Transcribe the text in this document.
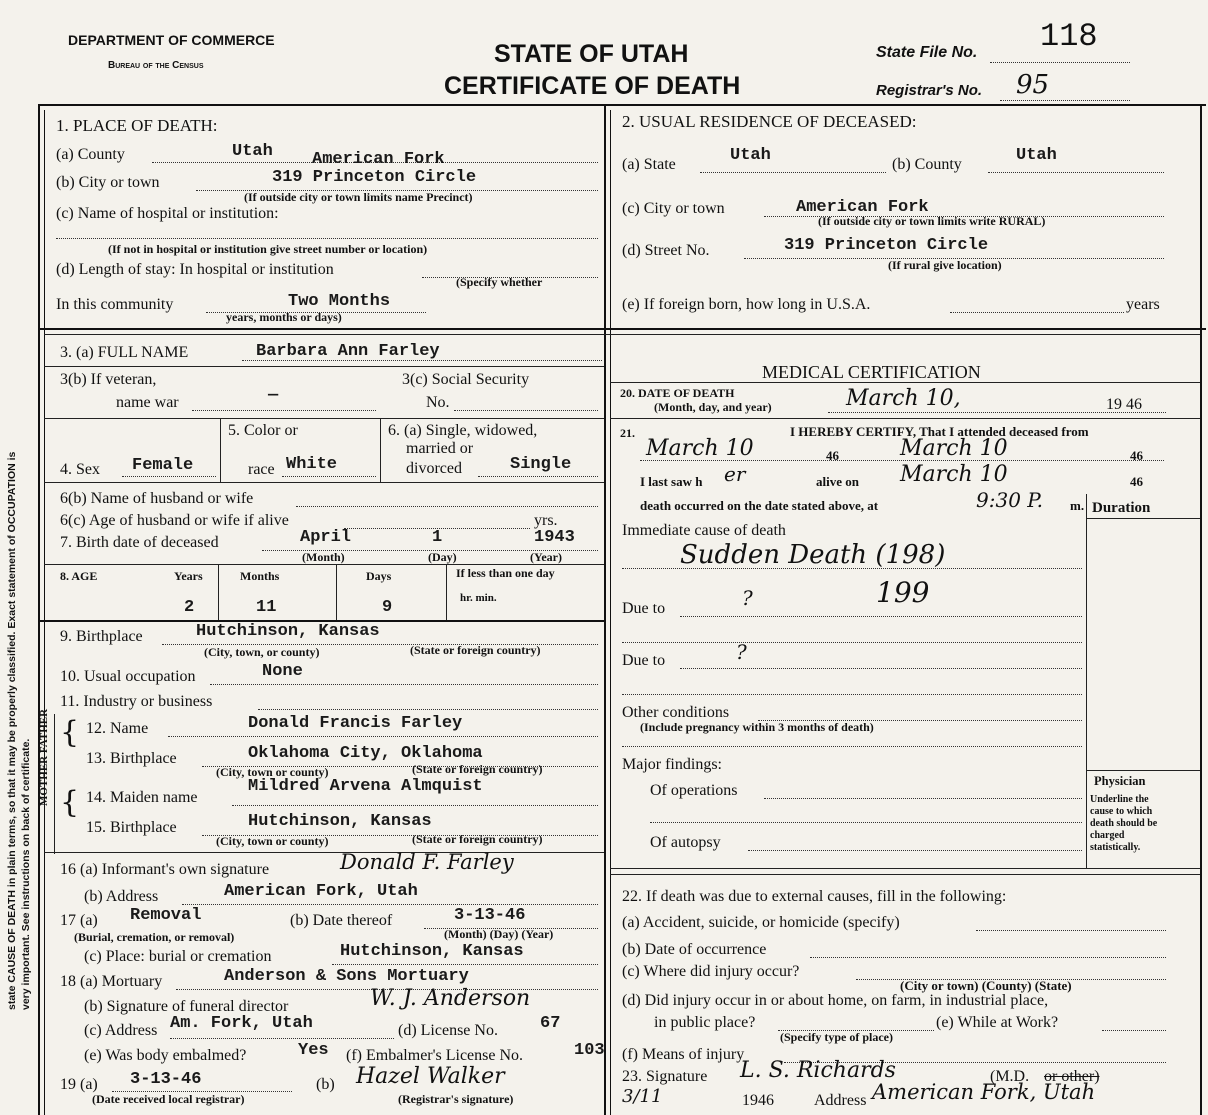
state CAUSE OF DEATH in plain terms, so that it may be properly classified. Exact statement of OCCUPATION is very important. See instructions on back of certificate.
DEPARTMENT OF COMMERCE
Bureau of the Census	STATE OF UTAH
CERTIFICATE OF DEATH
State File No. 118
Registrar's No. 95
1. PLACE OF DEATH:
(a) County	Utah American Fork
(b) City or town	319 Princeton Circle
(If outside city or town limits name Precinct)
(c) Name of hospital or institution:
(If not in hospital or institution give street number or location)
(d) Length of stay: In hospital or institution
(Specify whether
In this community	Two Months
years, months or days)
2. USUAL RESIDENCE OF DECEASED:
(a) State	Utah	(b) County	Utah
(c) City or town	American Fork
(If outside city or town limits write RURAL)
(d) Street No.	319 Princeton Circle
(If rural give location)
(e) If foreign born, how long in U.S.A.	years
3. (a) FULL NAME	Barbara Ann Farley
3(b) If veteran,
name war	—
3(c) Social Security
No.
5. Color or
4. Sex Female	race White
6. (a) Single, widowed,
married or
divorced	Single
6(b) Name of husband or wife
6(c) Age of husband or wife if alive	yrs.
7. Birth date of deceased	April	1	1943
(Month)	(Day)	(Year)
8. AGE	Years	Months	Days	If less than one day
hr. min.
2	11	9
9. Birthplace	Hutchinson, Kansas
(City, town, or county)	(State or foreign country)
10. Usual occupation	None
11. Industry or business
MOTHER FATHER {
{
12. Name	Donald Francis Farley
13. Birthplace	Oklahoma City, Oklahoma
(City, town or county)	(State or foreign country)
14. Maiden name
Mildred Arvena Almquist
15. Birthplace	Hutchinson, Kansas
(City, town or county)	(State or foreign country)
16 (a) Informant's own signature	Donald F. Farley
(b) Address	American Fork, Utah
17 (a) Removal
(Burial, cremation, or removal)
(b) Date thereof	3-13-46
(Month) (Day) (Year)
(c) Place: burial or cremation	Hutchinson, Kansas
18 (a) Mortuary	Anderson & Sons Mortuary
(b) Signature of funeral director	W. J. Anderson
(c) Address Am. Fork, Utah	(d) License No. 67
(e) Was body embalmed?	Yes (f) Embalmer's License No.	103
19 (a) 3-13-46
(Date received local registrar)
(b) Hazel Walker
(Registrar's signature)
MEDICAL CERTIFICATION
20. DATE OF DEATH
(Month, day, and year)	March 10,	19 46
21.	I HEREBY CERTIFY, That I attended deceased from
March 10	46	March 10	46
I last saw h er	alive on March 10	46
death occurred on the date stated above, at	9:30 P. m. Duration
Immediate cause of death
Sudden Death (198)
199
Due to	?
Due to	?
Other conditions
(Include pregnancy within 3 months of death)
Major findings:
Of operations
Of autopsy
Physician
Underline the cause to which death should be charged statistically.
22. If death was due to external causes, fill in the following:
(a) Accident, suicide, or homicide (specify)
(b) Date of occurrence
(c) Where did injury occur?
(City or town) (County) (State)
(d) Did injury occur in or about home, on farm, in industrial place,
in public place?	(e) While at Work?
(Specify type of place)
(f) Means of injury
23. Signature L. S. Richards	(M.D. or other)
3/11	1946	Address American Fork, Utah
